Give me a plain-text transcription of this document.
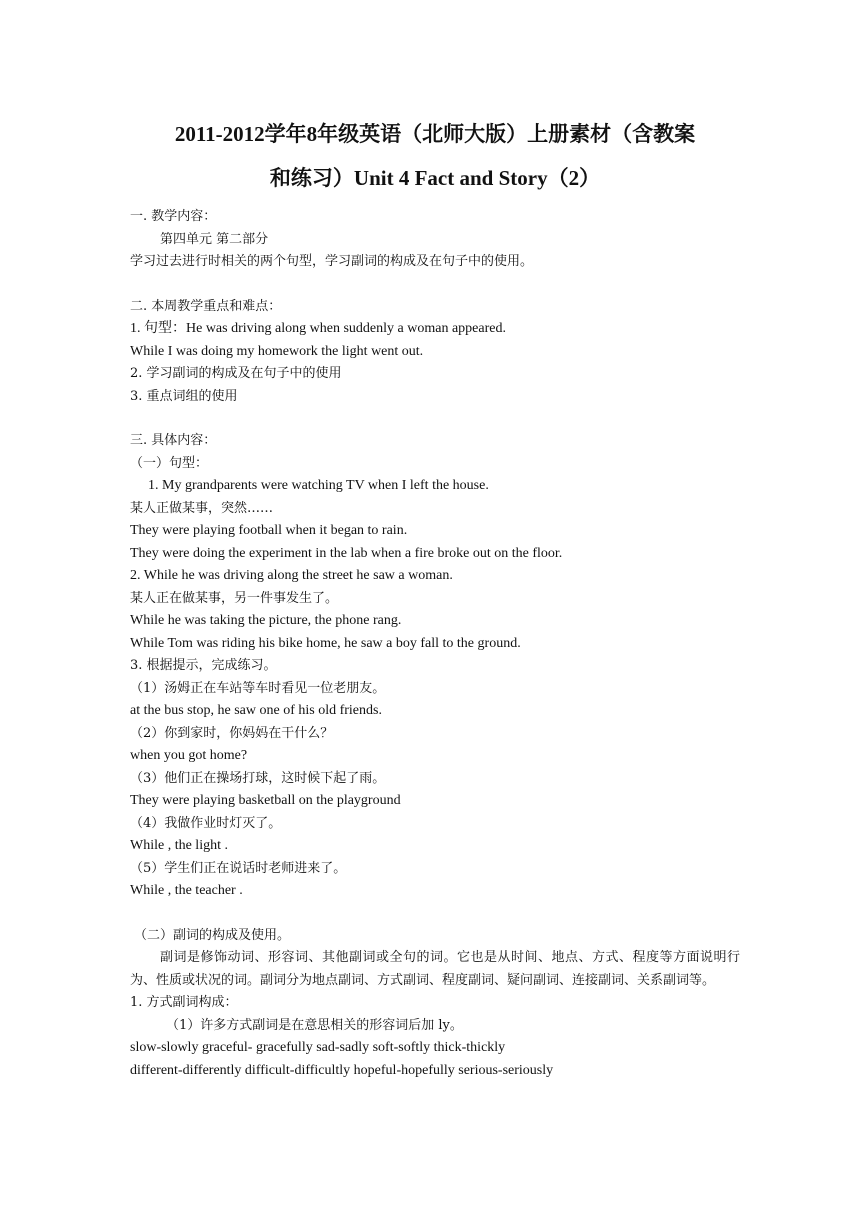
2011-2012学年8年级英语（北师大版）上册素材（含教案
和练习）Unit 4 Fact and Story（2）
一. 教学内容：
第四单元 第二部分
学习过去进行时相关的两个句型，学习副词的构成及在句子中的使用。
二. 本周教学重点和难点：
1. 句型：He was driving along when suddenly a woman appeared.
While I was doing my homework the light went out.
2. 学习副词的构成及在句子中的使用
3. 重点词组的使用
三. 具体内容：
（一）句型：
1. My grandparents were watching TV when I left the house.
某人正做某事，突然……
They were playing football when it began to rain.
They were doing the experiment in the lab when a fire broke out on the floor.
2. While he was driving along the street he saw a woman.
某人正在做某事，另一件事发生了。
While he was taking the picture, the phone rang.
While Tom was riding his bike home, he saw a boy fall to the ground.
3. 根据提示，完成练习。
（1）汤姆正在车站等车时看见一位老朋友。
at the bus stop, he saw one of his old friends.
（2）你到家时，你妈妈在干什么？
when you got home?
（3）他们正在操场打球，这时候下起了雨。
They were playing basketball on the playground
（4）我做作业时灯灭了。
While , the light .
（5）学生们正在说话时老师进来了。
While , the teacher .
（二）副词的构成及使用。
副词是修饰动词、形容词、其他副词或全句的词。它也是从时间、地点、方式、程度等方面说明行为、性质或状况的词。副词分为地点副词、方式副词、程度副词、疑问副词、连接副词、关系副词等。
1. 方式副词构成：
（1）许多方式副词是在意思相关的形容词后加 ly。
slow-slowly graceful- gracefully sad-sadly soft-softly thick-thickly
different-differently difficult-difficultly hopeful-hopefully serious-seriously
